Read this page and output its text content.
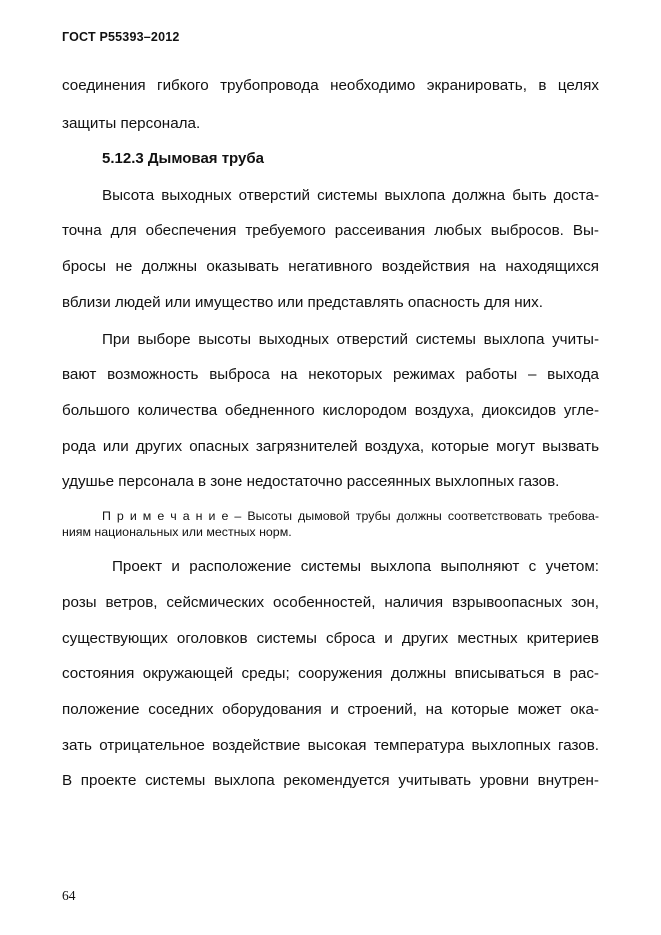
ГОСТ Р55393–2012
соединения гибкого трубопровода необходимо экранировать, в целях
защиты персонала.
5.12.3 Дымовая труба
Высота выходных отверстий системы выхлопа должна быть доста-
точна для обеспечения требуемого рассеивания любых выбросов. Вы-
бросы не должны оказывать негативного воздействия на находящихся
вблизи людей или имущество или представлять опасность для них.
При выборе высоты выходных отверстий системы выхлопа учиты-
вают возможность выброса на некоторых режимах работы – выхода
большого количества обедненного кислородом воздуха, диоксидов угле-
рода или других опасных загрязнителей воздуха, которые могут вызвать
удушье персонала в зоне недостаточно рассеянных выхлопных газов.
П р и м е ч а н и е – Высоты дымовой трубы должны соответствовать требова-
ниям национальных или местных норм.
Проект и расположение системы выхлопа выполняют с учетом:
розы ветров, сейсмических особенностей, наличия взрывоопасных зон,
существующих оголовков системы сброса и других местных критериев
состояния окружающей среды; сооружения должны вписываться в рас-
положение соседних оборудования и строений, на которые может ока-
зать отрицательное воздействие высокая температура выхлопных газов.
В проекте системы выхлопа рекомендуется учитывать уровни внутрен-
64
